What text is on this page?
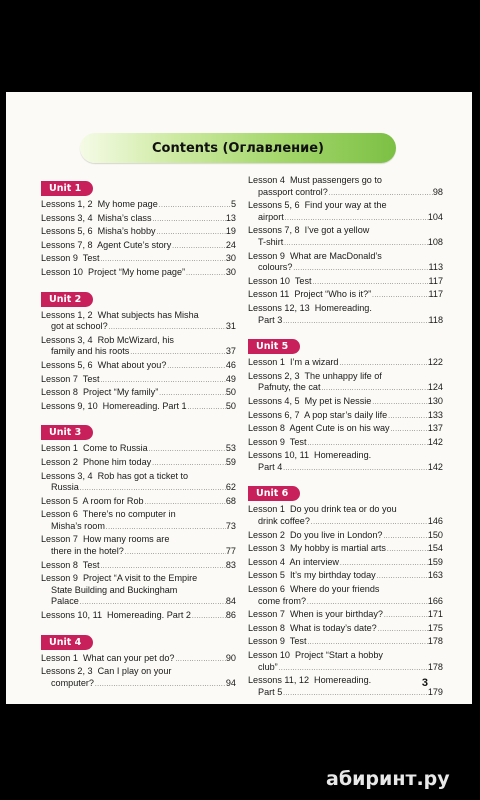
Contents (Оглавление)
Unit 1
Lessons 1, 2  My home page . . .	5
Lessons 3, 4  Misha’s class . . .	13
Lessons 5, 6  Misha’s hobby . . .	19
Lessons 7, 8  Agent Cute’s story . . .	24
Lesson 9  Test . . .	30
Lesson 10  Project “My home page” . . .	30
Unit 2
Lessons 1, 2  What subjects has Misha
got at school? . . .	31
Lessons 3, 4  Rob McWizard, his
family and his roots . . .	37
Lessons 5, 6  What about you? . . .	46
Lesson 7  Test . . .	49
Lesson 8  Project “My family” . . .	50
Lessons 9, 10  Homereading. Part 1 . . .	50
Unit 3
Lesson 1  Come to Russia . . .	53
Lesson 2  Phone him today . . .	59
Lessons 3, 4  Rob has got a ticket to
Russia . . .	62
Lesson 5  A room for Rob . . .	68
Lesson 6  There’s no computer in
Misha’s room . . .	73
Lesson 7  How many rooms are
there in the hotel? . . .	77
Lesson 8  Test . . .	83
Lesson 9  Project “A visit to the Empire
State Building and Buckingham
Palace . . .	84
Lessons 10, 11  Homereading. Part 2 . . .	86
Unit 4
Lesson 1  What can your pet do? . . .	90
Lessons 2, 3  Can I play on your
computer? . . .	94
Lesson 4  Must passengers go to
passport control? . . .	98
Lessons 5, 6  Find your way at the
airport . . .	104
Lessons 7, 8  I’ve got a yellow
T-shirt . . .	108
Lesson 9  What are MacDonald’s
colours? . . .	113
Lesson 10  Test . . .	117
Lesson 11  Project “Who is it?” . . .	117
Lessons 12, 13  Homereading.
Part 3 . . .	118
Unit 5
Lesson 1  I’m a wizard . . .	122
Lessons 2, 3  The unhappy life of
Pafnuty, the cat . . .	124
Lessons 4, 5  My pet is Nessie . . .	130
Lessons 6, 7  A pop star’s daily life . . .	133
Lesson 8  Agent Cute is on his way . . .	137
Lesson 9  Test . . .	142
Lessons 10, 11  Homereading.
Part 4 . . .	142
Unit 6
Lesson 1  Do you drink tea or do you
drink coffee? . . .	146
Lesson 2  Do you live in London? . . .	150
Lesson 3  My hobby is martial arts . . .	154
Lesson 4  An interview . . .	159
Lesson 5  It’s my birthday today . . .	163
Lesson 6  Where do your friends
come from? . . .	166
Lesson 7  When is your birthday? . . .	171
Lesson 8  What is today’s date? . . .	175
Lesson 9  Test . . .	178
Lesson 10  Project “Start a hobby
club” . . .	178
Lessons 11, 12  Homereading.
Part 5 . . .	179
3
абиринт.ру
